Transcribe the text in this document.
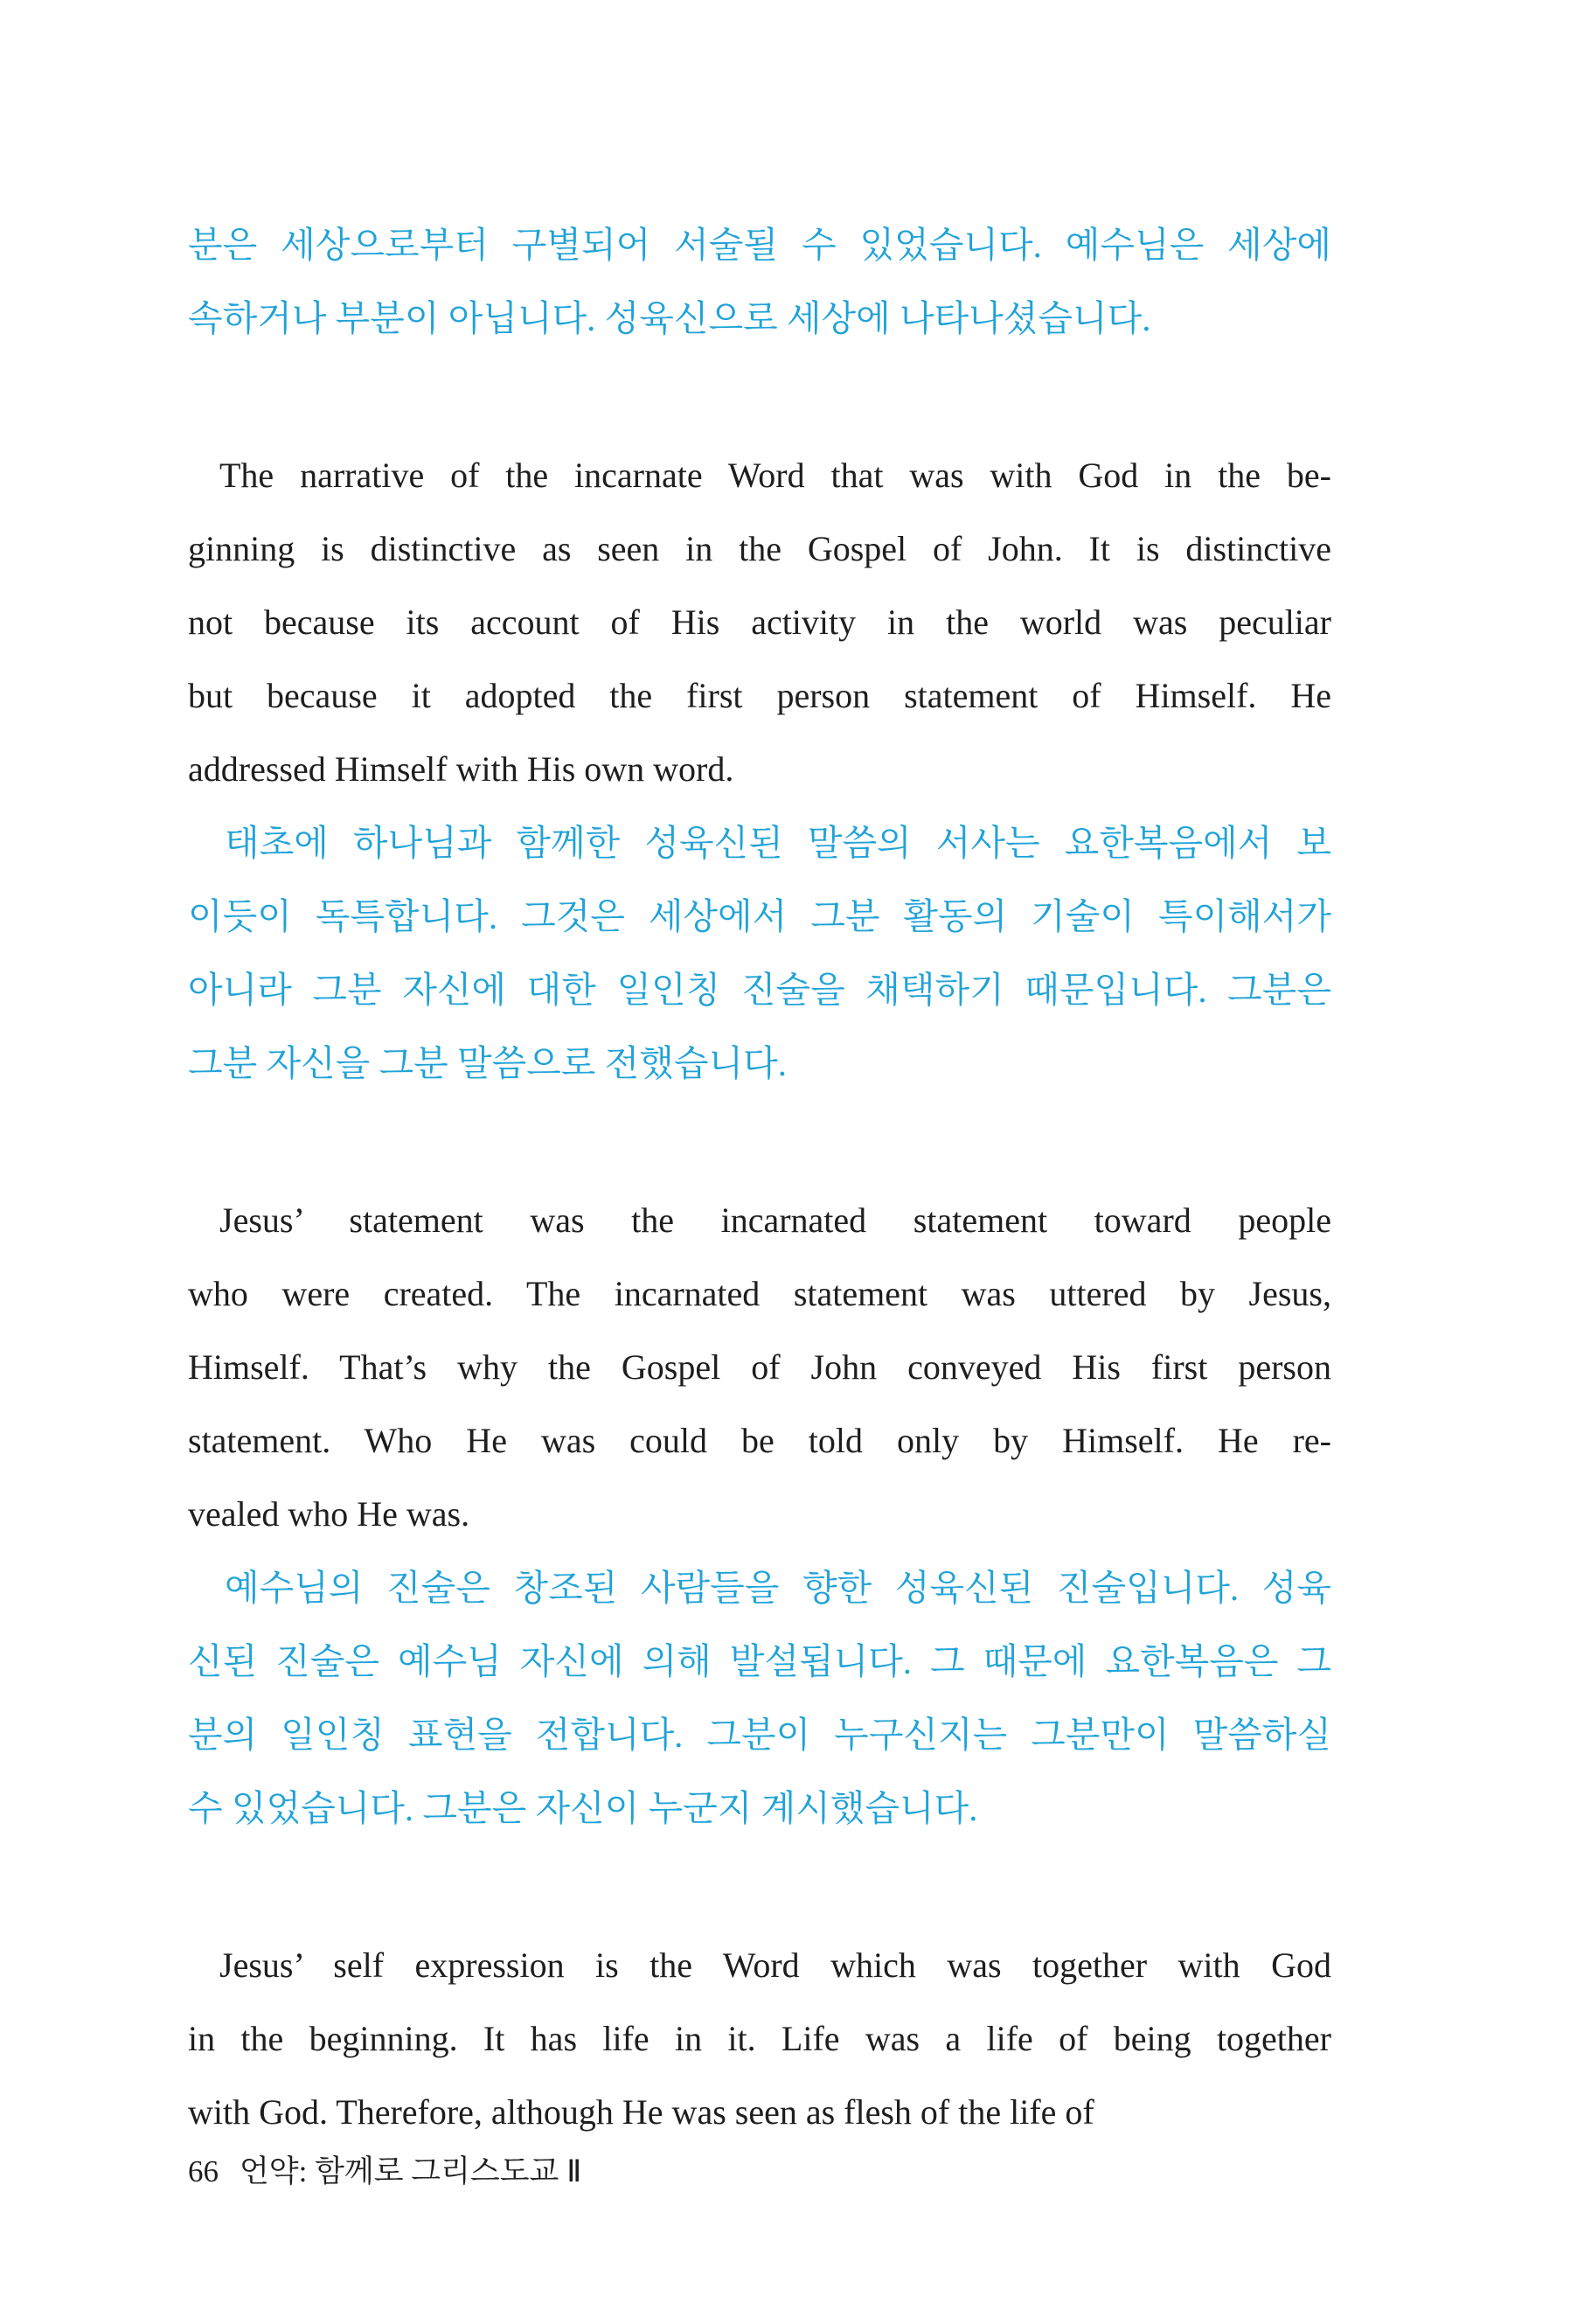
분은 세상으로부터 구별되어 서술될 수 있었습니다. 예수님은 세상에
속하거나 부분이 아닙니다. 성육신으로 세상에 나타나셨습니다.
The narrative of the incarnate Word that was with God in the be-
ginning is distinctive as seen in the Gospel of John. It is distinctive
not because its account of His activity in the world was peculiar
but because it adopted the first person statement of Himself. He
addressed Himself with His own word.
태초에 하나님과 함께한 성육신된 말씀의 서사는 요한복음에서 보
이듯이 독특합니다. 그것은 세상에서 그분 활동의 기술이 특이해서가
아니라 그분 자신에 대한 일인칭 진술을 채택하기 때문입니다. 그분은
그분 자신을 그분 말씀으로 전했습니다.
Jesus’ statement was the incarnated statement toward people
who were created. The incarnated statement was uttered by Jesus,
Himself. That’s why the Gospel of John conveyed His first person
statement. Who He was could be told only by Himself. He re-
vealed who He was.
예수님의 진술은 창조된 사람들을 향한 성육신된 진술입니다. 성육
신된 진술은 예수님 자신에 의해 발설됩니다. 그 때문에 요한복음은 그
분의 일인칭 표현을 전합니다. 그분이 누구신지는 그분만이 말씀하실
수 있었습니다. 그분은 자신이 누군지 계시했습니다.
Jesus’ self expression is the Word which was together with God
in the beginning. It has life in it. Life was a life of being together
with God. Therefore, although He was seen as flesh of the life of
66 언약: 함께로 그리스도교 Ⅱ
